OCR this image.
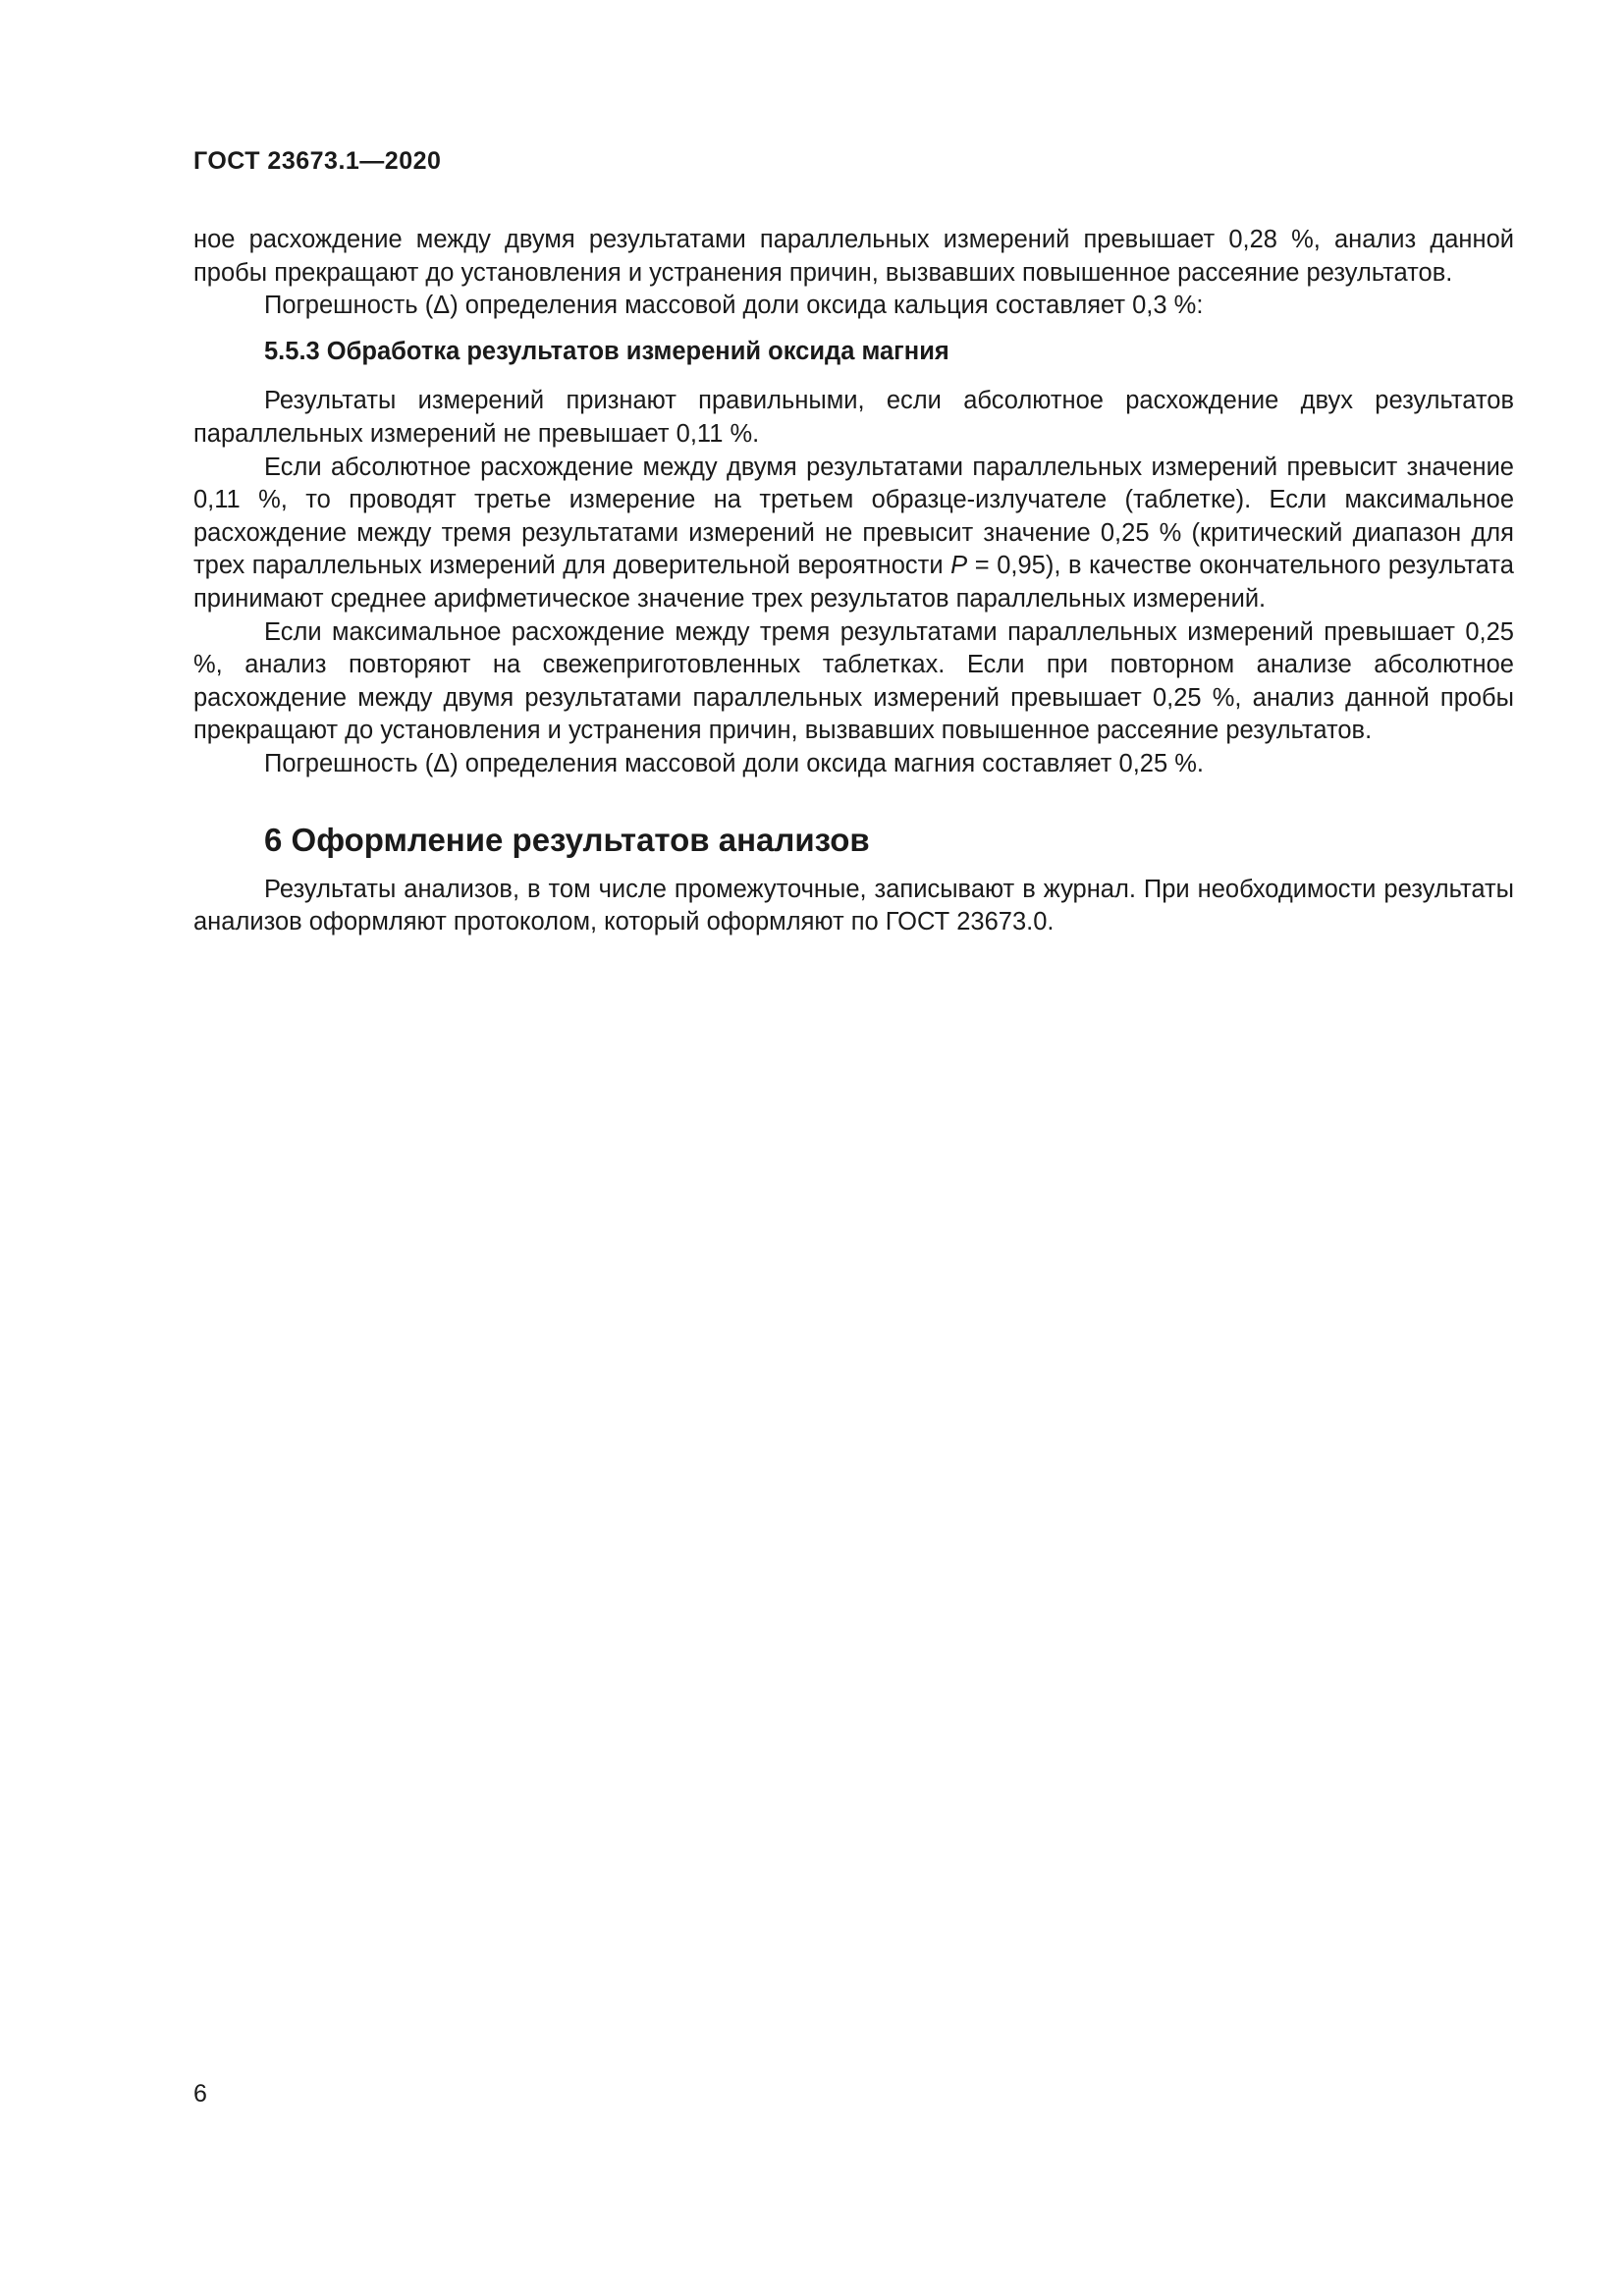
ГОСТ 23673.1—2020

ное расхождение между двумя результатами параллельных измерений превышает 0,28 %, анализ данной пробы прекращают до установления и устранения причин, вызвавших повышенное рассеяние результатов.

Погрешность (Δ) определения массовой доли оксида кальция составляет 0,3 %:

5.5.3 Обработка результатов измерений оксида магния

Результаты измерений признают правильными, если абсолютное расхождение двух результатов параллельных измерений не превышает 0,11 %.

Если абсолютное расхождение между двумя результатами параллельных измерений превысит значение 0,11 %, то проводят третье измерение на третьем образце-излучателе (таблетке). Если максимальное расхождение между тремя результатами измерений не превысит значение 0,25 % (критический диапазон для трех параллельных измерений для доверительной вероятности P = 0,95), в качестве окончательного результата принимают среднее арифметическое значение трех результатов параллельных измерений.

Если максимальное расхождение между тремя результатами параллельных измерений превышает 0,25 %, анализ повторяют на свежеприготовленных таблетках. Если при повторном анализе абсолютное расхождение между двумя результатами параллельных измерений превышает 0,25 %, анализ данной пробы прекращают до установления и устранения причин, вызвавших повышенное рассеяние результатов.

Погрешность (Δ) определения массовой доли оксида магния составляет 0,25 %.

6 Оформление результатов анализов

Результаты анализов, в том числе промежуточные, записывают в журнал. При необходимости результаты анализов оформляют протоколом, который оформляют по ГОСТ 23673.0.

6
